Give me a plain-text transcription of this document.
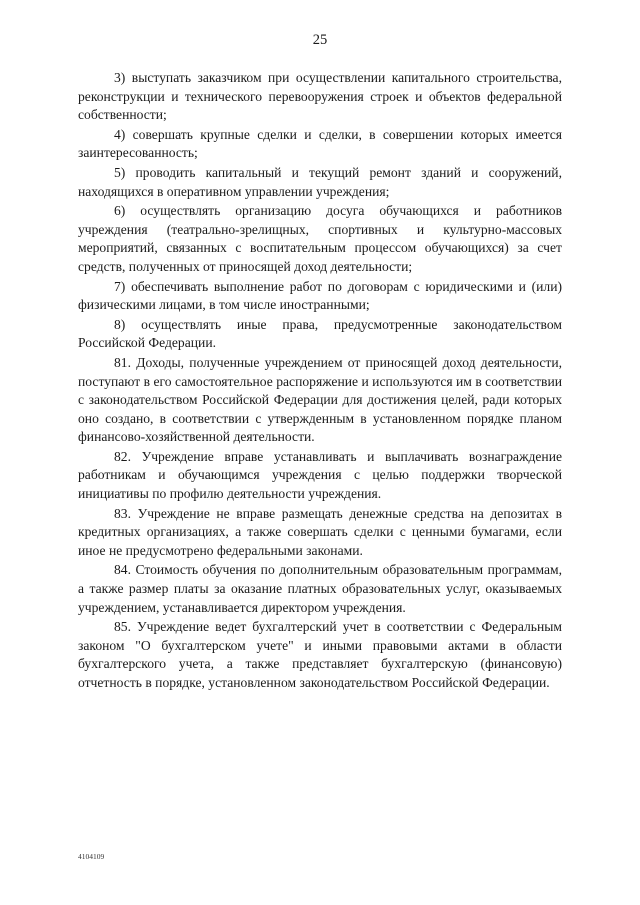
25

3) выступать заказчиком при осуществлении капитального строительства, реконструкции и технического перевооружения строек и объектов федеральной собственности;

4) совершать крупные сделки и сделки, в совершении которых имеется заинтересованность;

5) проводить капитальный и текущий ремонт зданий и сооружений, находящихся в оперативном управлении учреждения;

6) осуществлять организацию досуга обучающихся и работников учреждения (театрально-зрелищных, спортивных и культурно-массовых мероприятий, связанных с воспитательным процессом обучающихся) за счет средств, полученных от приносящей доход деятельности;

7) обеспечивать выполнение работ по договорам с юридическими и (или) физическими лицами, в том числе иностранными;

8) осуществлять иные права, предусмотренные законодательством Российской Федерации.

81. Доходы, полученные учреждением от приносящей доход деятельности, поступают в его самостоятельное распоряжение и используются им в соответствии с законодательством Российской Федерации для достижения целей, ради которых оно создано, в соответствии с утвержденным в установленном порядке планом финансово-хозяйственной деятельности.

82. Учреждение вправе устанавливать и выплачивать вознаграждение работникам и обучающимся учреждения с целью поддержки творческой инициативы по профилю деятельности учреждения.

83. Учреждение не вправе размещать денежные средства на депозитах в кредитных организациях, а также совершать сделки с ценными бумагами, если иное не предусмотрено федеральными законами.

84. Стоимость обучения по дополнительным образовательным программам, а также размер платы за оказание платных образовательных услуг, оказываемых учреждением, устанавливается директором учреждения.

85. Учреждение ведет бухгалтерский учет в соответствии с Федеральным законом "О бухгалтерском учете" и иными правовыми актами в области бухгалтерского учета, а также представляет бухгалтерскую (финансовую) отчетность в порядке, установленном законодательством Российской Федерации.

4104109
